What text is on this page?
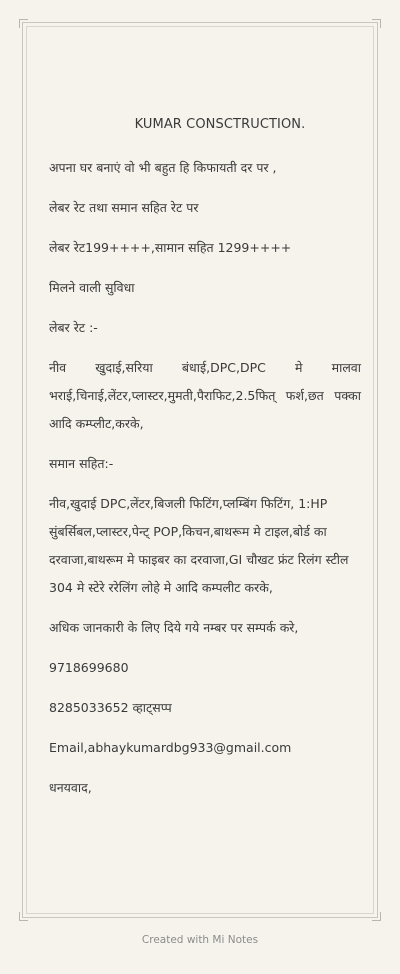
KUMAR CONSCTRUCTION.

अपना घर बनाएं वो भी बहुत हि किफायती दर पर ,

लेबर रेट तथा समान सहित रेट पर

लेबर रेट199++++,सामान सहित 1299++++

मिलने वाली सुविधा

लेबर रेट :-

नीव खुदाई,सरिया बंधाई,DPC,DPC मे मालवा भराई,चिनाई,लेंटर,प्लास्टर,मुमती,पैराफिट,2.5फित् फर्श,छत पक्का आदि कम्प्लीट,करके,

समान सहित:-

नीव,खुदाई DPC,लेंटर,बिजली फिटिंग,प्लम्बिंग फिटिंग, 1:HP सुंबर्सिबल,प्लास्टर,पेन्ट् POP,किचन,बाथरूम मे टाइल,बोर्ड का दरवाजा,बाथरूम मे फाइबर का दरवाजा,GI चौखट फ्रंट रिलंग स्टील 304 मे स्टेरे ररेलिंग लोहे मे आदि कम्पलीट करके,

अधिक जानकारी के लिए दिये गये नम्बर पर सम्पर्क करे,

9718699680

8285033652 व्हाट्सप्प

Email,abhaykumardbg933@gmail.com

धनयवाद,

Created with Mi Notes
